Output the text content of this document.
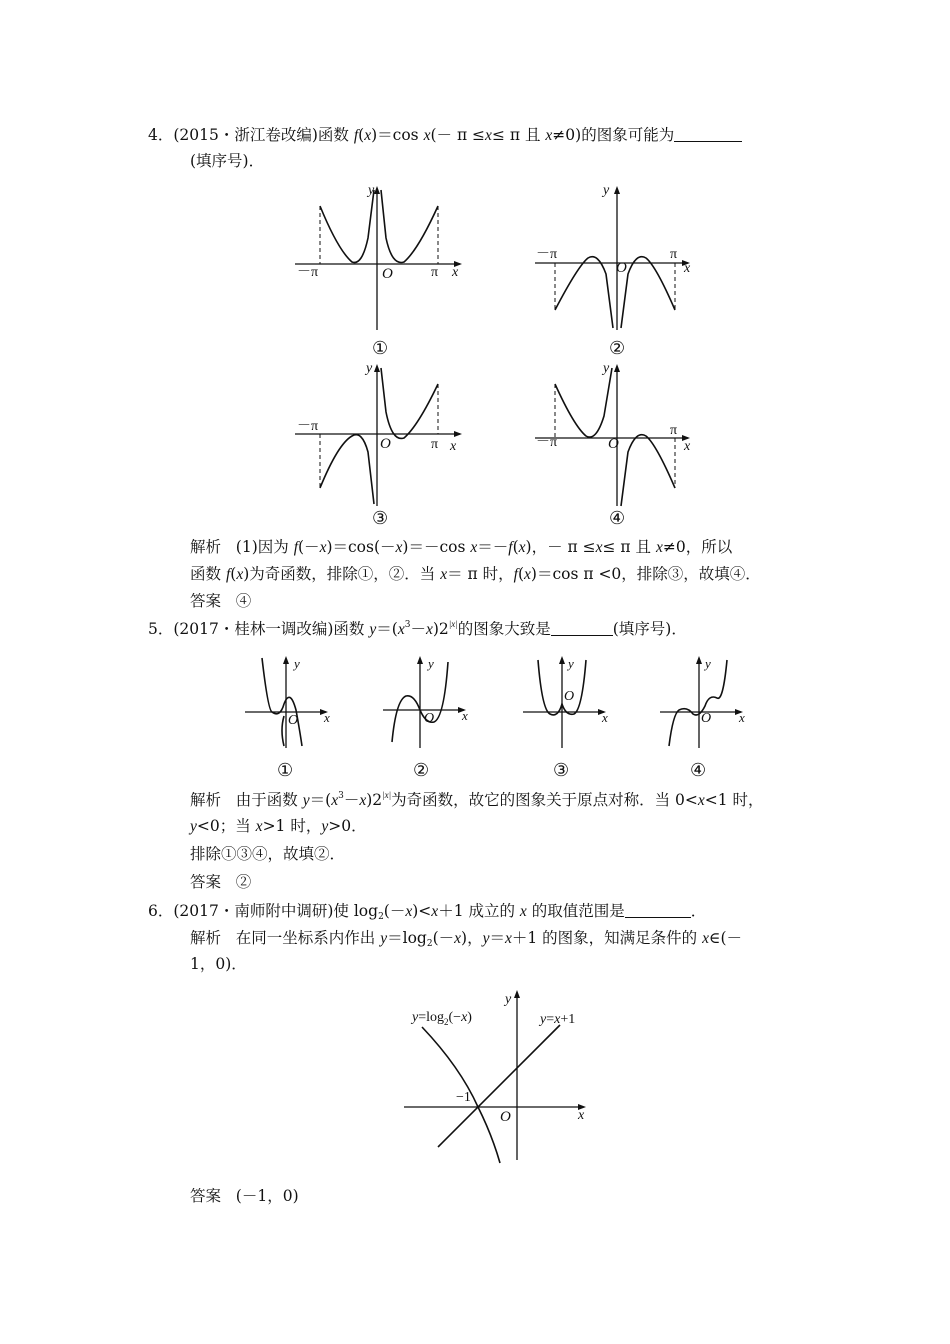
4．(2015・浙江卷改编)函数 f(x)＝cos x(－ π ≤x≤ π 且 x≠0)的图象可能为
(填序号)．
－π	π
O	x
y
①
－π	π
O	x
y
②
－π
π
O	x
y
③
－π
π
O	x
y
④
解析 (1)因为 f(－x)＝cos(－x)＝－cos x＝－f(x)，－ π ≤x≤ π 且 x≠0，所以
函数 f(x)为奇函数，排除①，②．当 x＝ π 时，f(x)＝cos π <0，排除③，故填④．
答案 ④
5．(2017・桂林一调改编)函数 $y=(x^3-x)2^{|x|}$的图象大致是	(填序号)．
O x
y
①
O x
y
②
O
x
y
③
O x
y
④
解析 由于函数 $y=(x^3-x)2^{|x|}$为奇函数，故它的图象关于原点对称．当 0<x<1 时，
y<0；当 x>1 时，y>0．
排除①③④，故填②．
答案 ②
6．(2017・南师附中调研)使 $\log_2(-x)<x+1$ 成立的 x 的取值范围是	．
解析 在同一坐标系内作出 $y=\log_2(-x)$，y＝x＋1 的图象，知满足条件的 x∈(－
1，0)．
$y=\log_2(-x)$	y=x+1
−1
O	x
y
答案 (－1，0)
